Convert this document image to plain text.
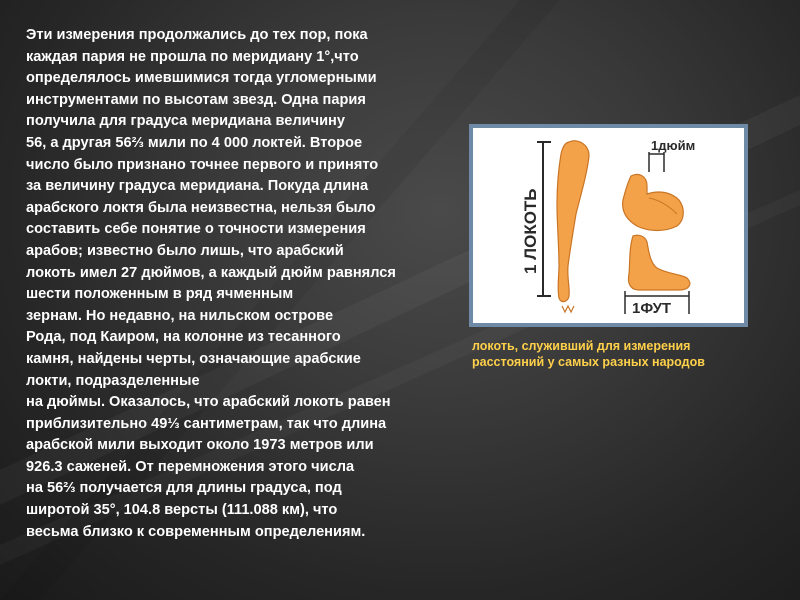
Эти измерения продолжались до тех пор, пока
каждая пария не прошла по меридиану 1°,что
определялось имевшимися тогда угломерными
инструментами по высотам звезд. Одна пария
получила для градуса меридиана величину
56, а другая 56⅔ мили по 4 000 локтей. Второе
число было признано точнее первого и принято
за величину градуса меридиана. Покуда длина
арабского локтя была неизвестна, нельзя было
составить себе понятие о точности измерения
арабов; известно было лишь, что арабский
локоть имел 27 дюймов, а каждый дюйм равнялся
шести положенным в ряд ячменным
зернам. Но недавно, на нильском острове
Рода, под Каиром, на колонне из тесанного
камня, найдены черты, означающие арабские
локти, подразделенные
на дюймы. Оказалось, что арабский локоть равен
приблизительно 49⅓ сантиметрам, так что длина
арабской мили выходит около 1973 метров или
926.3 саженей. От перемножения этого числа
на 56⅔ получается для длины градуса, под
широтой 35°, 104.8 версты (111.088 км), что
весьма близко к современным определениям.
1 ЛОКОТЬ
1дюйм
1ФУТ
локоть, служивший для измерения расстояний у самых разных народов
